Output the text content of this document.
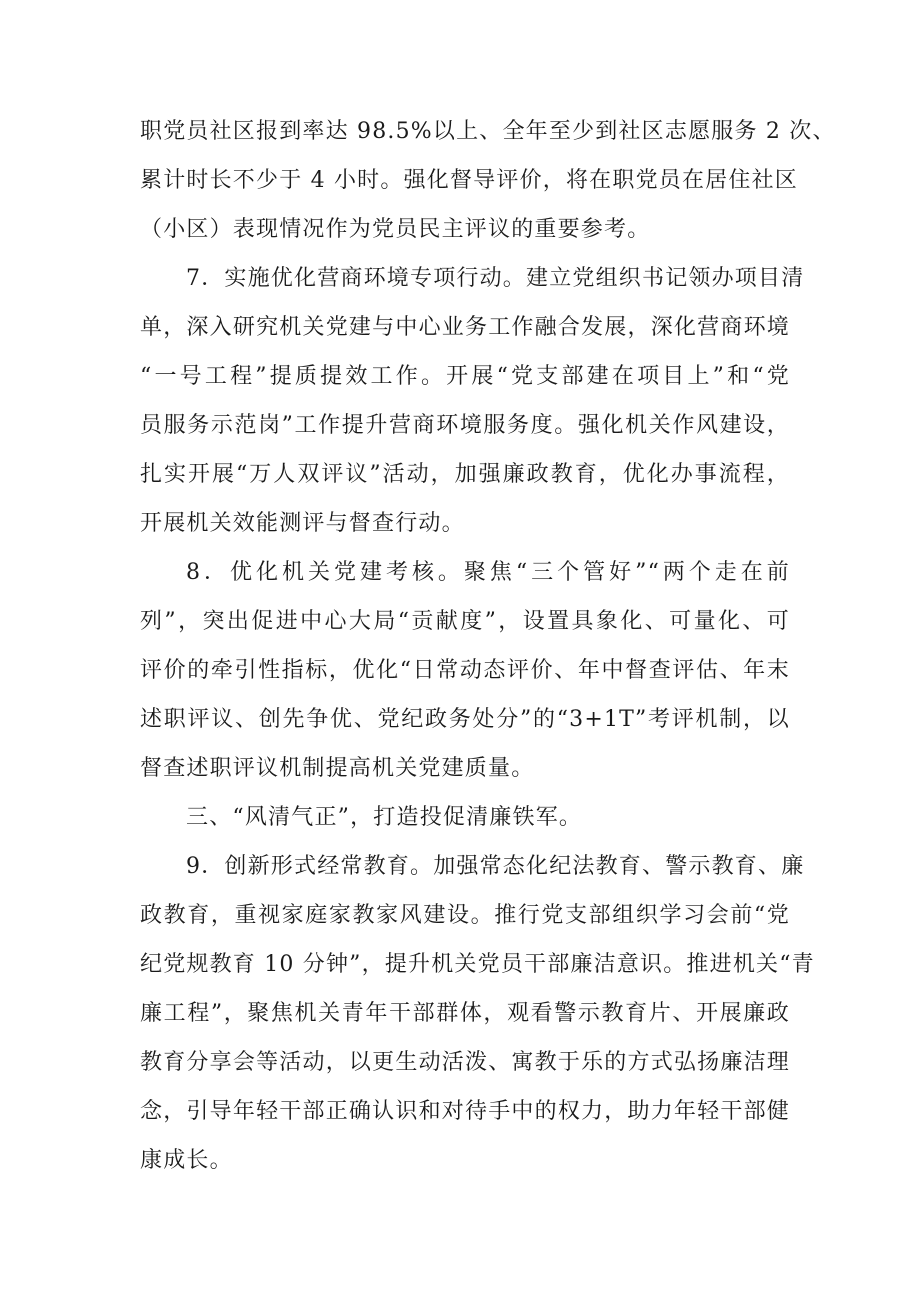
职党员社区报到率达 98.5%以上、全年至少到社区志愿服务 2 次、
累计时长不少于 4 小时。强化督导评价，将在职党员在居住社区
（小区）表现情况作为党员民主评议的重要参考。
7．实施优化营商环境专项行动。建立党组织书记领办项目清
单，深入研究机关党建与中心业务工作融合发展，深化营商环境
“一号工程”提质提效工作。开展“党支部建在项目上”和“党
员服务示范岗”工作提升营商环境服务度。强化机关作风建设，
扎实开展“万人双评议”活动，加强廉政教育，优化办事流程，
开展机关效能测评与督查行动。
8．优化机关党建考核。聚焦“三个管好”“两个走在前
列”，突出促进中心大局“贡献度”，设置具象化、可量化、可
评价的牵引性指标，优化“日常动态评价、年中督查评估、年末
述职评议、创先争优、党纪政务处分”的“3+1T”考评机制，以
督查述职评议机制提高机关党建质量。
三、“风清气正”，打造投促清廉铁军。
9．创新形式经常教育。加强常态化纪法教育、警示教育、廉
政教育，重视家庭家教家风建设。推行党支部组织学习会前“党
纪党规教育 10 分钟”，提升机关党员干部廉洁意识。推进机关“青
廉工程”，聚焦机关青年干部群体，观看警示教育片、开展廉政
教育分享会等活动，以更生动活泼、寓教于乐的方式弘扬廉洁理
念，引导年轻干部正确认识和对待手中的权力，助力年轻干部健
康成长。
